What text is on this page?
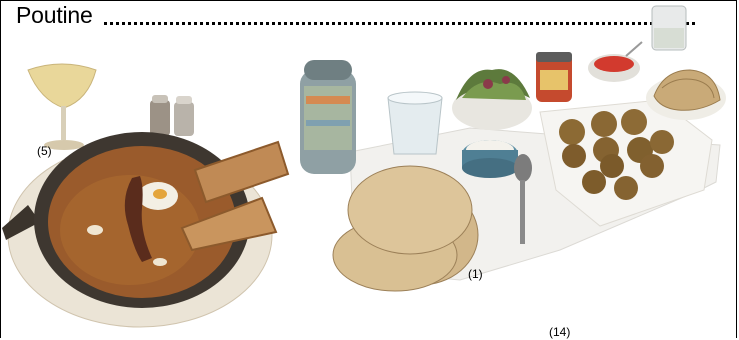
Poutine
(5)
(1)
(14)
